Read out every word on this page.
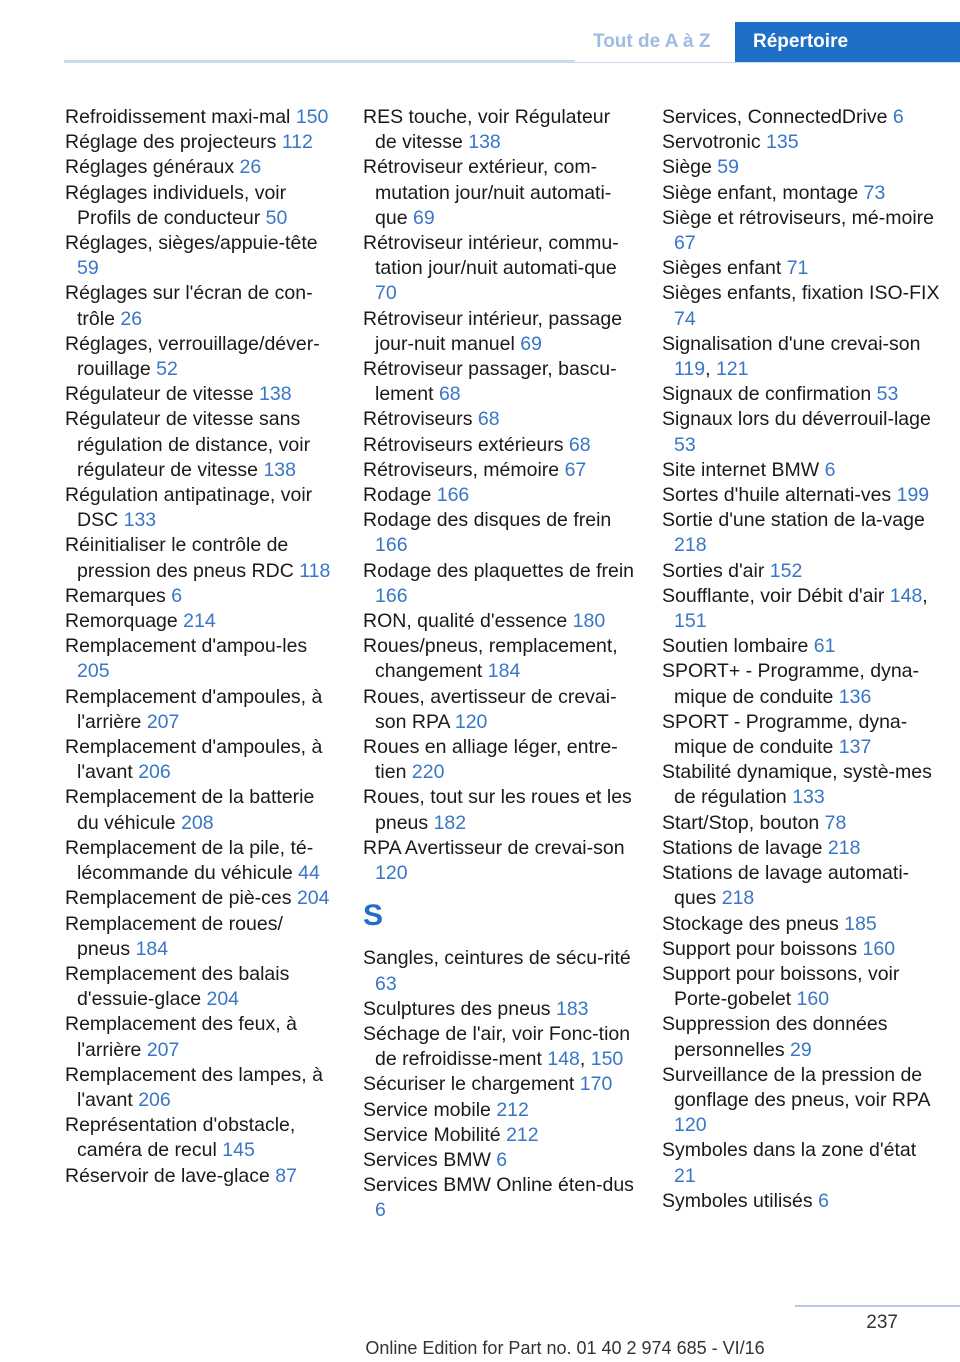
Tout de A à Z	Répertoire
Refroidissement maxi‐mal 150
Réglage des projecteurs 112
Réglages généraux 26
Réglages individuels, voir Profils de conducteur 50
Réglages, sièges/appuie‐tête 59
Réglages sur l'écran de con‐trôle 26
Réglages, verrouillage/déver‐rouillage 52
Régulateur de vitesse 138
Régulateur de vitesse sans régulation de distance, voir régulateur de vitesse 138
Régulation antipatinage, voir DSC 133
Réinitialiser le contrôle de pression des pneus RDC 118
Remarques 6
Remorquage 214
Remplacement d'ampou‐les 205
Remplacement d'ampoules, à l'arrière 207
Remplacement d'ampoules, à l'avant 206
Remplacement de la batterie du véhicule 208
Remplacement de la pile, té‐lécommande du véhicule 44
Remplacement de piè‐ces 204
Remplacement de roues/ pneus 184
Remplacement des balais d'essuie-glace 204
Remplacement des feux, à l'arrière 207
Remplacement des lampes, à l'avant 206
Représentation d'obstacle, caméra de recul 145
Réservoir de lave-glace 87
RES touche, voir Régulateur de vitesse 138
Rétroviseur extérieur, com‐mutation jour/nuit automati‐que 69
Rétroviseur intérieur, commu‐tation jour/nuit automati‐que 70
Rétroviseur intérieur, passage jour-nuit manuel 69
Rétroviseur passager, bascu‐lement 68
Rétroviseurs 68
Rétroviseurs extérieurs 68
Rétroviseurs, mémoire 67
Rodage 166
Rodage des disques de frein 166
Rodage des plaquettes de frein 166
RON, qualité d'essence 180
Roues/pneus, remplacement, changement 184
Roues, avertisseur de crevai‐son RPA 120
Roues en alliage léger, entre‐tien 220
Roues, tout sur les roues et les pneus 182
RPA Avertisseur de crevai‐son 120
S
Sangles, ceintures de sécu‐rité 63
Sculptures des pneus 183
Séchage de l'air, voir Fonc‐tion de refroidisse‐ment 148, 150
Sécuriser le chargement 170
Service mobile 212
Service Mobilité 212
Services BMW 6
Services BMW Online éten‐dus 6
Services, ConnectedDrive 6
Servotronic 135
Siège 59
Siège enfant, montage 73
Siège et rétroviseurs, mé‐moire 67
Sièges enfant 71
Sièges enfants, fixation ISO‐FIX 74
Signalisation d'une crevai‐son 119, 121
Signaux de confirmation 53
Signaux lors du déverrouil‐lage 53
Site internet BMW 6
Sortes d'huile alternati‐ves 199
Sortie d'une station de la‐vage 218
Sorties d'air 152
Soufflante, voir Débit d'air 148, 151
Soutien lombaire 61
SPORT+ - Programme, dyna‐mique de conduite 136
SPORT - Programme, dyna‐mique de conduite 137
Stabilité dynamique, systè‐mes de régulation 133
Start/Stop, bouton 78
Stations de lavage 218
Stations de lavage automati‐ques 218
Stockage des pneus 185
Support pour boissons 160
Support pour boissons, voir Porte-gobelet 160
Suppression des données personnelles 29
Surveillance de la pression de gonflage des pneus, voir RPA 120
Symboles dans la zone d'état 21
Symboles utilisés 6
237
Online Edition for Part no. 01 40 2 974 685 - VI/16
